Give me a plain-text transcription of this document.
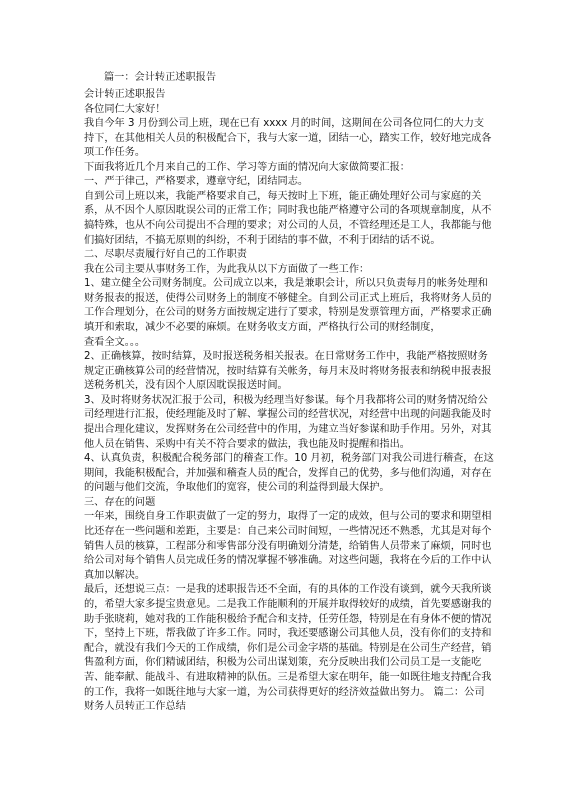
篇一：会计转正述职报告

会计转正述职报告

各位同仁大家好！

我自今年 3 月份到公司上班，现在已有 xxxx 月的时间，这期间在公司各位同仁的大力支持下，在其他相关人员的积极配合下，我与大家一道，团结一心，踏实工作，较好地完成各项工作任务。

下面我将近几个月来自己的工作、学习等方面的情况向大家做简要汇报：

一、严于律己，严格要求，遵章守纪，团结同志。

自到公司上班以来，我能严格要求自己，每天按时上下班，能正确处理好公司与家庭的关系，从不因个人原因耽误公司的正常工作；同时我也能严格遵守公司的各项规章制度，从不搞特殊，也从不向公司提出不合理的要求；对公司的人员，不管经理还是工人，我都能与他们搞好团结，不搞无原则的纠纷，不利于团结的事不做，不利于团结的话不说。

二、尽职尽责履行好自己的工作职责

我在公司主要从事财务工作，为此我从以下方面做了一些工作：

1、建立健全公司财务制度。公司成立以来，我是兼职会计，所以只负责每月的帐务处理和财务报表的报送，使得公司财务上的制度不够健全。自到公司正式上班后，我将财务人员的工作合理划分，在公司的财务方面按规定进行了要求，特别是发票管理方面，严格要求正确填开和索取，减少不必要的麻烦。在财务收支方面，严格执行公司的财经制度，

查看全文。。。

2、正确核算，按时结算，及时报送税务相关报表。在日常财务工作中，我能严格按照财务规定正确核算公司的经营情况，按时结算有关帐务，每月末及时将财务报表和纳税申报表报送税务机关，没有因个人原因耽误报送时间。

3、及时将财务状况汇报于公司，积极为经理当好参谋。每个月我都将公司的财务情况给公司经理进行汇报，使经理能及时了解、掌握公司的经营状况，对经营中出现的问题我能及时提出合理化建议，发挥财务在公司经营中的作用，为建立当好参谋和助手作用。另外，对其他人员在销售、采购中有关不符合要求的做法，我也能及时提醒和指出。

4、认真负责，积极配合税务部门的稽查工作。10 月初，税务部门对我公司进行稽查，在这期间，我能积极配合，并加强和稽查人员的配合，发挥自己的优势，多与他们沟通，对存在的问题与他们交流，争取他们的宽容，使公司的利益得到最大保护。

三、存在的问题

一年来，围绕自身工作职责做了一定的努力，取得了一定的成效，但与公司的要求和期望相比还存在一些问题和差距，主要是：自己来公司时间短，一些情况还不熟悉，尤其是对每个销售人员的核算，工程部分和零售部分没有明确划分清楚，给销售人员带来了麻烦，同时也给公司对每个销售人员完成任务的情况掌握不够准确。对这些问题，我将在今后的工作中认真加以解决。

最后，还想说三点：一是我的述职报告还不全面，有的具体的工作没有谈到，就今天我所谈的，希望大家多提宝贵意见。二是我工作能顺利的开展并取得较好的成绩，首先要感谢我的助手张晓莉，她对我的工作能积极给予配合和支持，任劳任怨，特别是在有身体不便的情况下，坚持上下班，帮我做了许多工作。同时，我还要感谢公司其他人员，没有你们的支持和配合，就没有我们今天的工作成绩，你们是公司金字塔的基础。特别是在公司生产经营，销售盈利方面，你们精诚团结，积极为公司出谋划策，充分反映出我们公司员工是一支能吃苦、能奉献、能战斗、有进取精神的队伍。三是希望大家在明年，能一如既往地支持配合我的工作，我将一如既往地与大家一道，为公司获得更好的经济效益做出努力。 篇二：公司财务人员转正工作总结
